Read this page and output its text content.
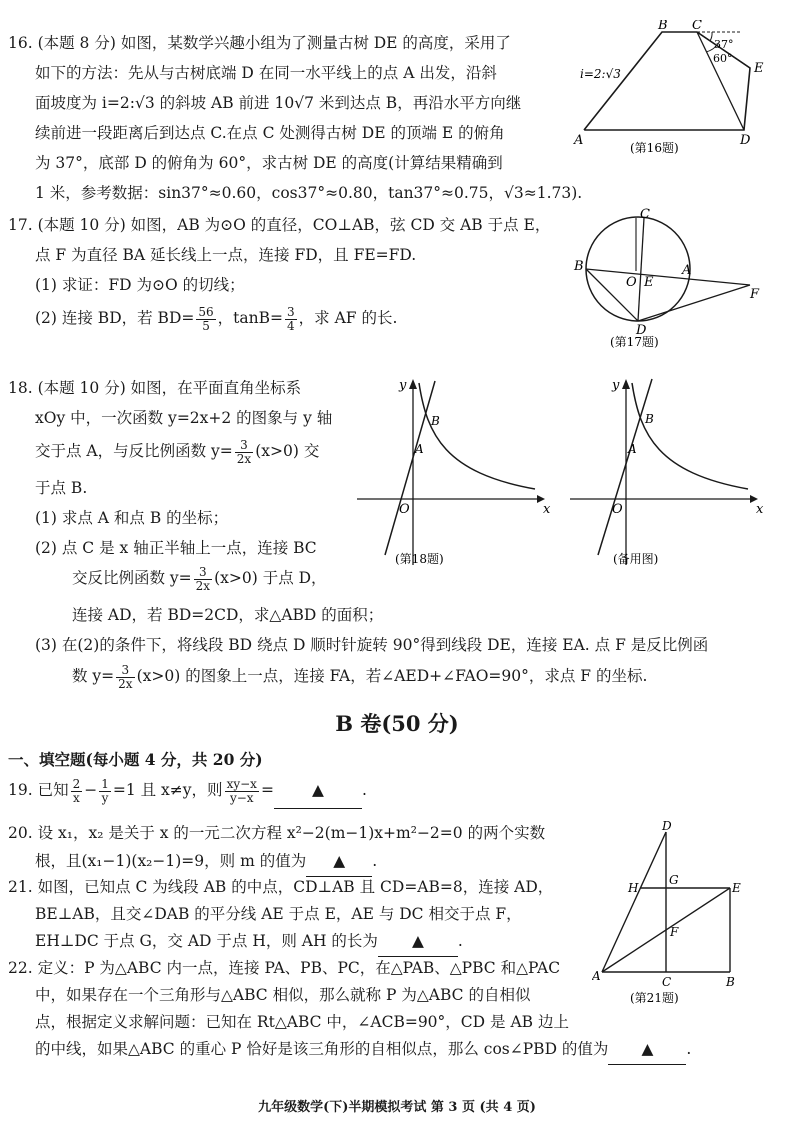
16. (本题 8 分) 如图，某数学兴趣小组为了测量古树 DE 的高度，采用了
如下的方法：先从与古树底端 D 在同一水平线上的点 A 出发，沿斜
面坡度为 i=2:√3 的斜坡 AB 前进 10√7 米到达点 B，再沿水平方向继
续前进一段距离后到达点 C.在点 C 处测得古树 DE 的顶端 E 的俯角
为 37°，底部 D 的俯角为 60°，求古树 DE 的高度(计算结果精确到
1 米，参考数据：sin37°≈0.60，cos37°≈0.80，tan37°≈0.75，√3≈1.73).
i=2:√3
37°
60°
A
B C
D
E
(第16题)
17. (本题 10 分) 如图，AB 为⊙O 的直径，CO⊥AB，弦 CD 交 AB 于点 E，
点 F 为直径 BA 延长线上一点，连接 FD，且 FE=FD.
(1) 求证：FD 为⊙O 的切线；
(2) 连接 BD，若 $BD= \frac{56}{5}$ ，$\tan B= \frac{3}{4}$ ，求 AF 的长.
B
C
O E
A
F
D
(第17题)
18. (本题 10 分) 如图，在平面直角坐标系
xOy 中，一次函数 y=2x+2 的图象与 y 轴
交于点 A，与反比例函数 $y= \frac{3}{2x} (x>0)$ 交
于点 B.
(1) 求点 A 和点 B 的坐标；
(2) 点 C 是 x 轴正半轴上一点，连接 BC
交反比例函数 $y= \frac{3}{2x} (x>0)$ 于点 D，
连接 AD，若 BD=2CD，求△ABD 的面积；
(3) 在(2)的条件下，将线段 BD 绕点 D 顺时针旋转 90°得到线段 DE，连接 EA. 点 F 是反比例函
数 $y= \frac{3}{2x} (x>0)$ 的图象上一点，连接 FA，若∠AED+∠FAO=90°，求点 F 的坐标.
y
x
O
A
B
(第18题)
y
x
O
A
B
(备用图)
B 卷(50 分)
一、填空题(每小题 4 分，共 20 分)
19. 已知 $\frac{2}{x} - \frac{1}{y} =1$ 且 x≠y，则 $\frac{xy-x}{y-x}$ = ▲ .
20. 设 x₁，x₂ 是关于 x 的一元二次方程 x²−2(m−1)x+m²−2=0 的两个实数
根，且(x₁−1)(x₂−1)=9，则 m 的值为 ▲ .
21. 如图，已知点 C 为线段 AB 的中点，CD⊥AB 且 CD=AB=8，连接 AD，
BE⊥AB，且交∠DAB 的平分线 AE 于点 E，AE 与 DC 相交于点 F，
EH⊥DC 于点 G，交 AD 于点 H，则 AH 的长为 ▲ .
D
H
G
E
F
A	C	B
(第21题)
22. 定义：P 为△ABC 内一点，连接 PA、PB、PC，在△PAB、△PBC 和△PAC
中，如果存在一个三角形与△ABC 相似，那么就称 P 为△ABC 的自相似
点，根据定义求解问题：已知在 Rt△ABC 中，∠ACB=90°，CD 是 AB 边上
的中线，如果△ABC 的重心 P 恰好是该三角形的自相似点，那么 cos∠PBD 的值为 ▲ .
九年级数学(下)半期模拟考试 第 3 页 (共 4 页)
